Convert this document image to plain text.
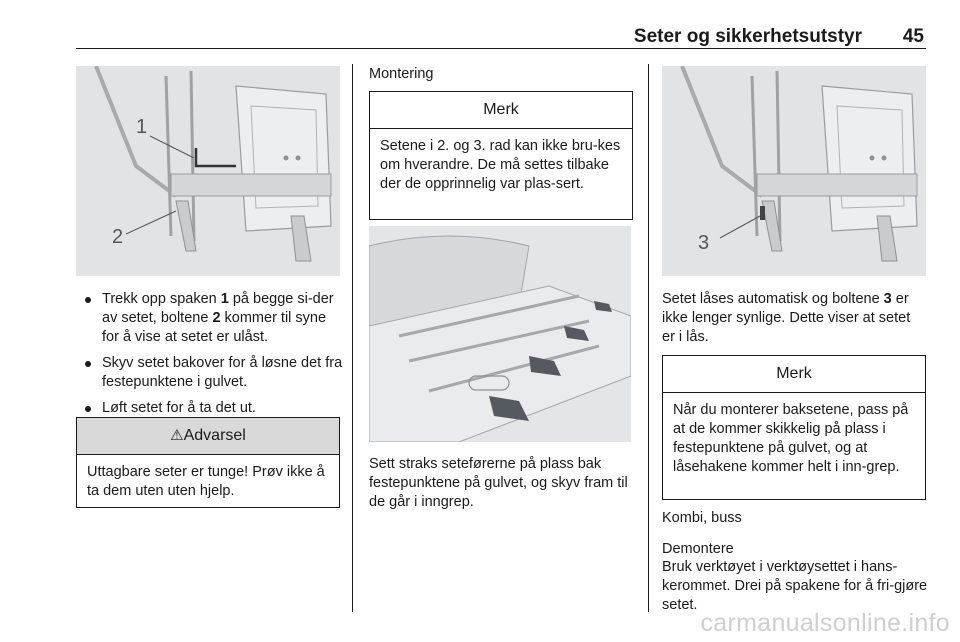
Seter og sikkerhetsutstyr 45
1
2
Trekk opp spaken 1 på begge si-der av setet, boltene 2 kommer til syne for å vise at setet er ulåst.
Skyv setet bakover for å løsne det fra festepunktene i gulvet.
Løft setet for å ta det ut.
⚠Advarsel
Uttagbare seter er tunge! Prøv ikke å ta dem uten uten hjelp.
Montering
Merk
Setene i 2. og 3. rad kan ikke bru-kes om hverandre. De må settes tilbake der de opprinnelig var plas-sert.
Sett straks seteførerne på plass bak festepunktene på gulvet, og skyv fram til de går i inngrep.
3
Setet låses automatisk og boltene 3 er ikke lenger synlige. Dette viser at setet er i lås.
Merk
Når du monterer baksetene, pass på at de kommer skikkelig på plass i festepunktene på gulvet, og at låsehakene kommer helt i inn-grep.
Kombi, buss
Demontere
Bruk verktøyet i verktøysettet i hans-kerommet. Drei på spakene for å fri-gjøre setet.
carmanualsonline.info
